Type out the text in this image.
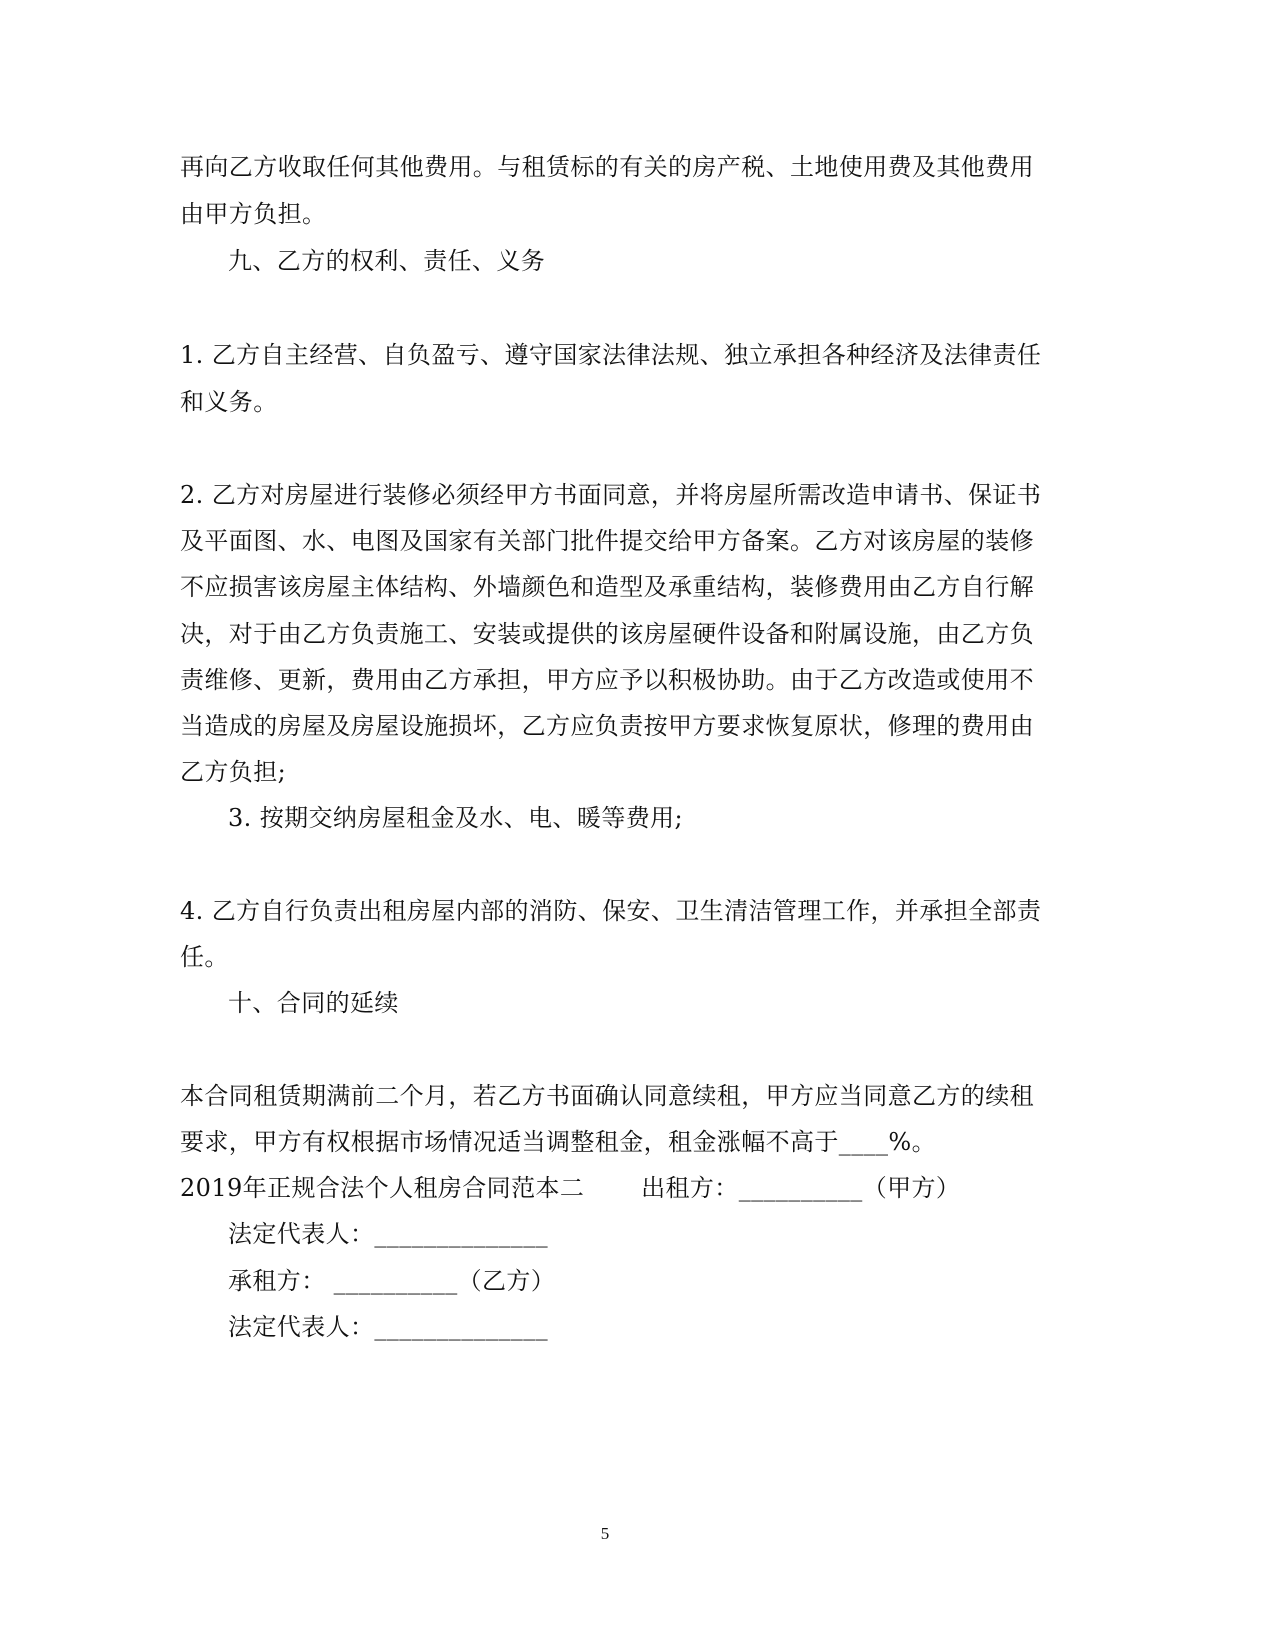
再向乙方收取任何其他费用。与租赁标的有关的房产税、土地使用费及其他费用
由甲方负担。
九、乙方的权利、责任、义务
1. 乙方自主经营、自负盈亏、遵守国家法律法规、独立承担各种经济及法律责任
和义务。
2. 乙方对房屋进行装修必须经甲方书面同意，并将房屋所需改造申请书、保证书
及平面图、水、电图及国家有关部门批件提交给甲方备案。乙方对该房屋的装修
不应损害该房屋主体结构、外墙颜色和造型及承重结构，装修费用由乙方自行解
决，对于由乙方负责施工、安装或提供的该房屋硬件设备和附属设施，由乙方负
责维修、更新，费用由乙方承担，甲方应予以积极协助。由于乙方改造或使用不
当造成的房屋及房屋设施损坏，乙方应负责按甲方要求恢复原状，修理的费用由
乙方负担;
3. 按期交纳房屋租金及水、电、暖等费用;
4. 乙方自行负责出租房屋内部的消防、保安、卫生清洁管理工作，并承担全部责
任。
十、合同的延续
本合同租赁期满前二个月，若乙方书面确认同意续租，甲方应当同意乙方的续租
要求，甲方有权根据市场情况适当调整租金，租金涨幅不高于____%。
2019年正规合法个人租房合同范本二　　 出租方：__________（甲方）
法定代表人：______________
承租方： __________（乙方）
法定代表人：______________
5
